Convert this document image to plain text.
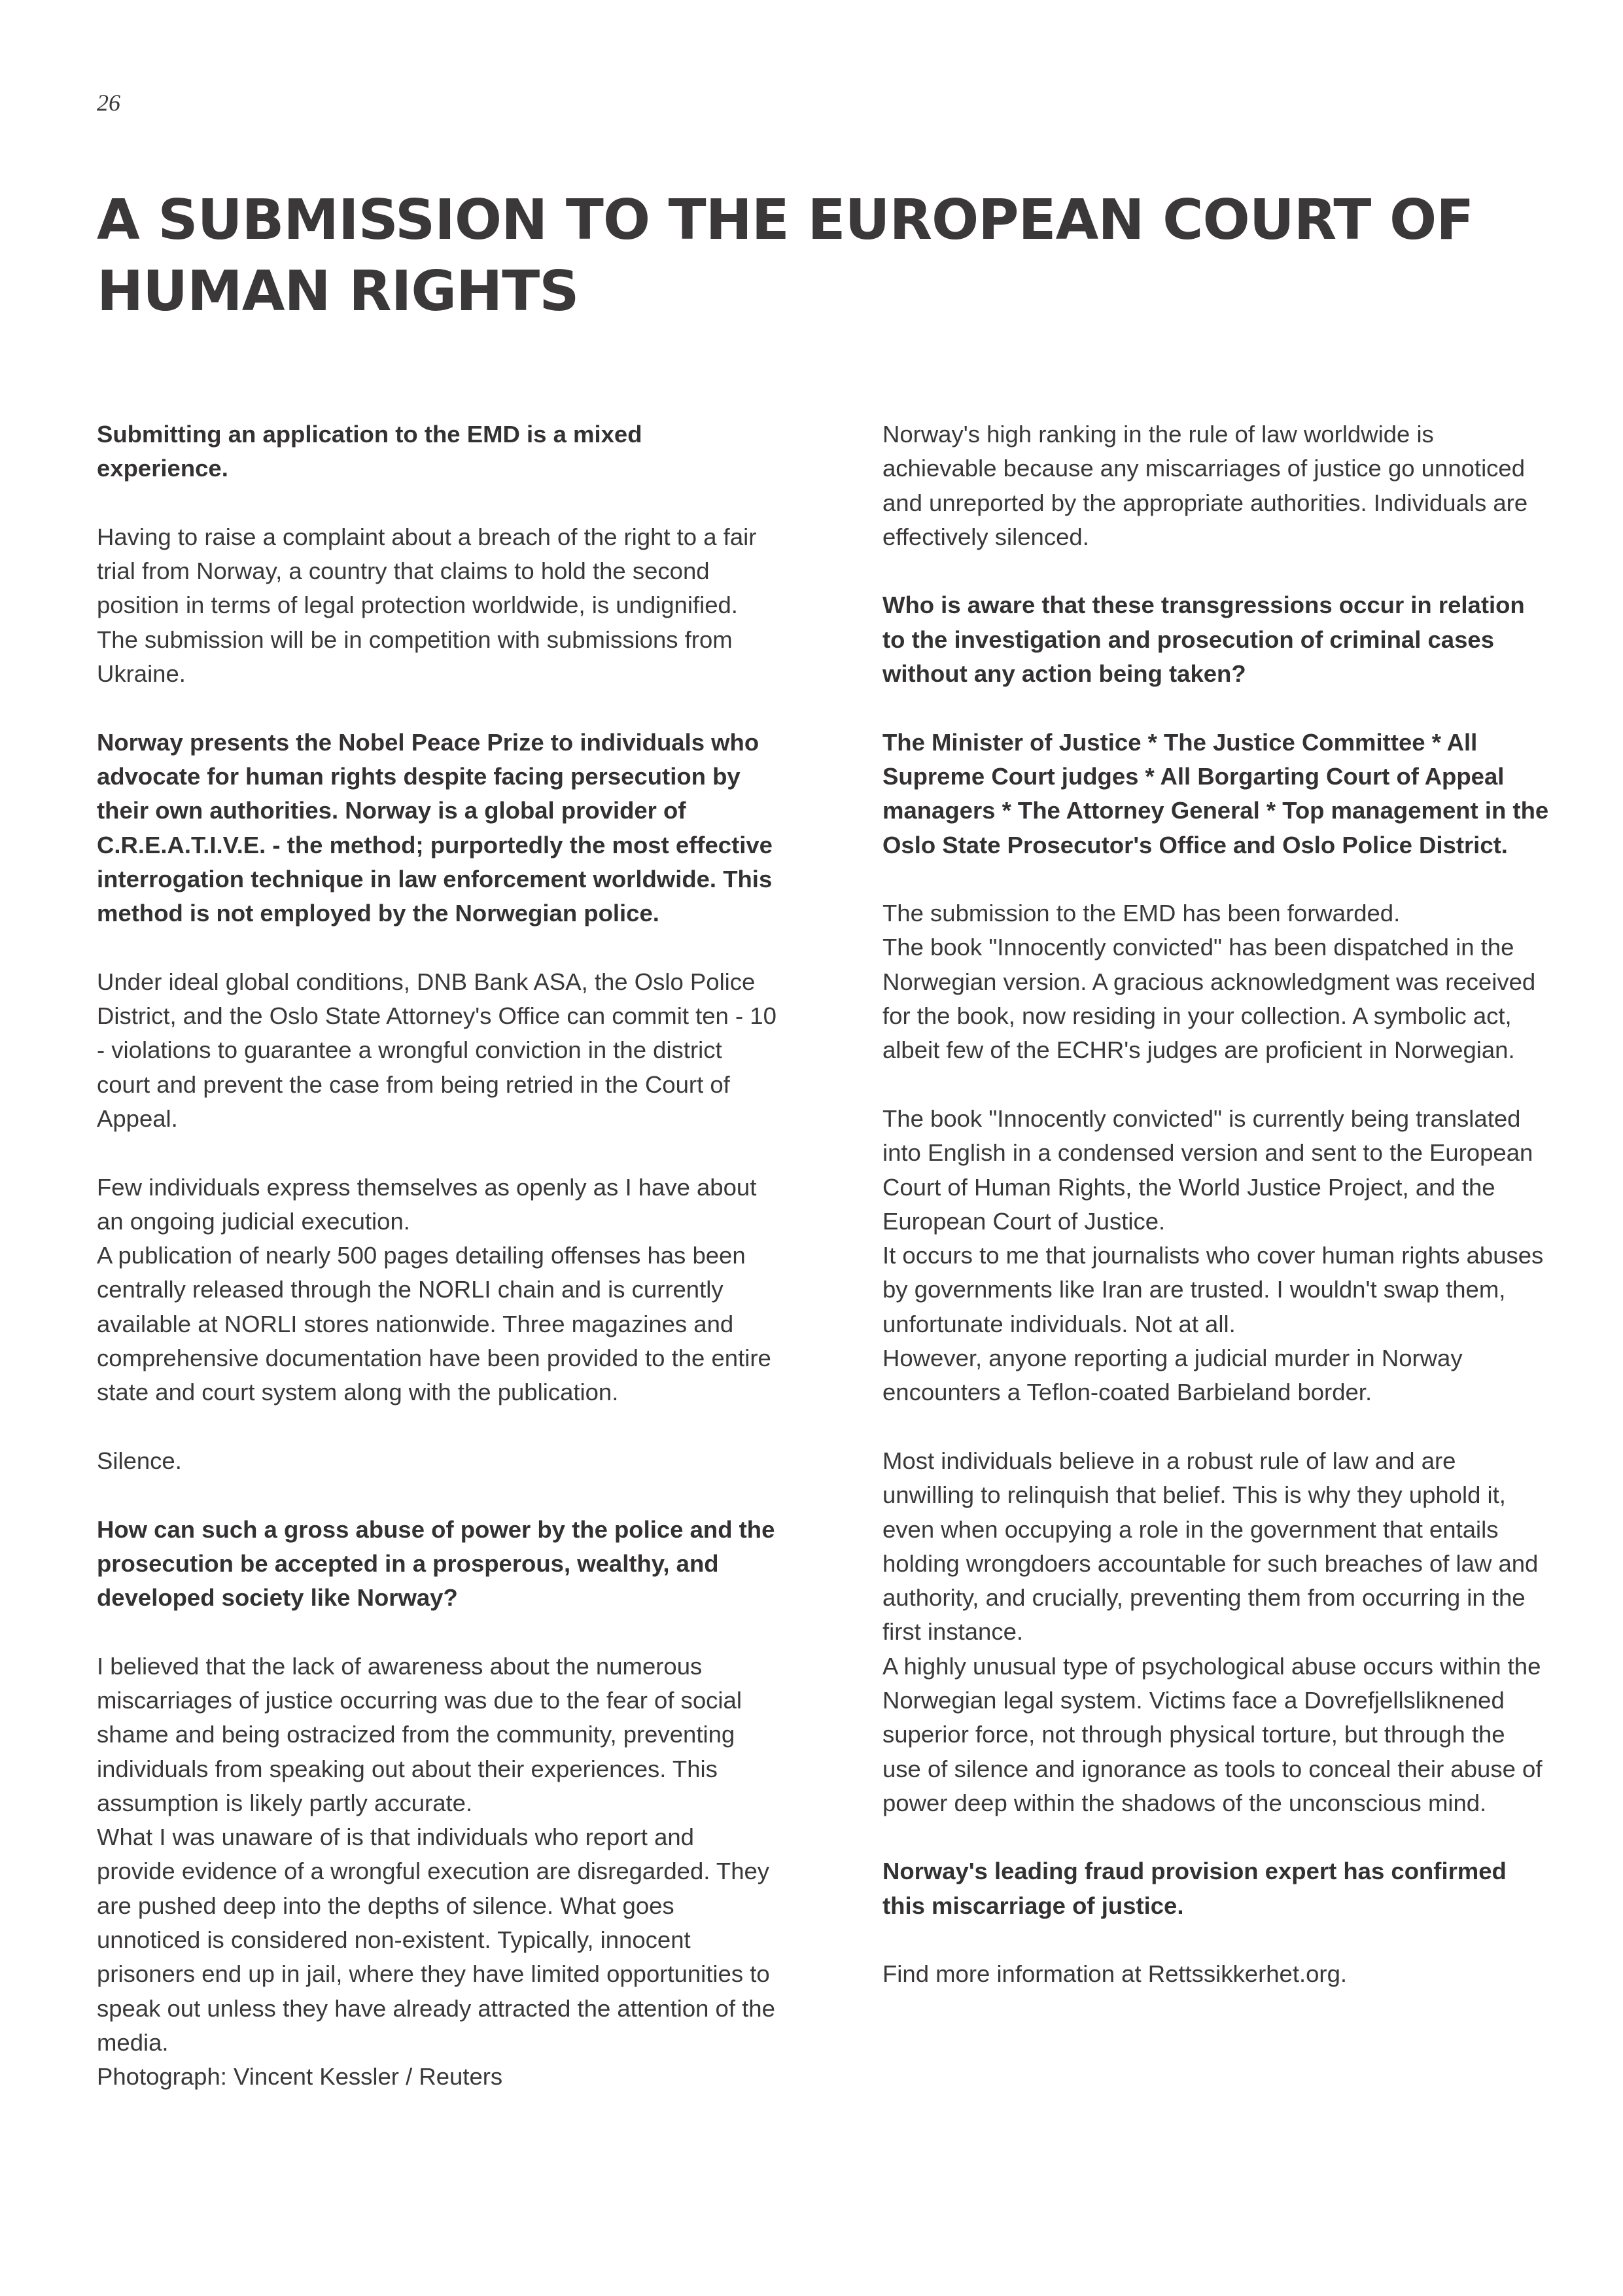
26
A SUBMISSION TO THE EUROPEAN COURT OF HUMAN RIGHTS

Submitting an application to the EMD is a mixed experience.

Having to raise a complaint about a breach of the right to a fair trial from Norway, a country that claims to hold the second position in terms of legal protection worldwide, is undignified. The submission will be in competition with submissions from Ukraine.

Norway presents the Nobel Peace Prize to individuals who advocate for human rights despite facing persecution by their own authorities. Norway is a global provider of C.R.E.A.T.I.V.E. - the method; purportedly the most effective interrogation technique in law enforcement worldwide. This method is not employed by the Norwegian police.

Under ideal global conditions, DNB Bank ASA, the Oslo Police District, and the Oslo State Attorney's Office can commit ten - 10 - violations to guarantee a wrongful conviction in the district court and prevent the case from being retried in the Court of Appeal.

Few individuals express themselves as openly as I have about an ongoing judicial execution.

A publication of nearly 500 pages detailing offenses has been centrally released through the NORLI chain and is currently available at NORLI stores nationwide. Three magazines and comprehensive documentation have been provided to the entire state and court system along with the publication.

Silence.

How can such a gross abuse of power by the police and the prosecution be accepted in a prosperous, wealthy, and developed society like Norway?

I believed that the lack of awareness about the numerous miscarriages of justice occurring was due to the fear of social shame and being ostracized from the community, preventing individuals from speaking out about their experiences. This assumption is likely partly accurate.

What I was unaware of is that individuals who report and provide evidence of a wrongful execution are disregarded. They are pushed deep into the depths of silence. What goes unnoticed is considered non-existent. Typically, innocent prisoners end up in jail, where they have limited opportunities to speak out unless they have already attracted the attention of the media.

Photograph: Vincent Kessler / Reuters

Norway's high ranking in the rule of law worldwide is achievable because any miscarriages of justice go unnoticed and unreported by the appropriate authorities. Individuals are effectively silenced.

Who is aware that these transgressions occur in relation to the investigation and prosecution of criminal cases without any action being taken?

The Minister of Justice * The Justice Committee * All Supreme Court judges * All Borgarting Court of Appeal managers * The Attorney General * Top management in the Oslo State Prosecutor's Office and Oslo Police District.

The submission to the EMD has been forwarded.

The book "Innocently convicted" has been dispatched in the Norwegian version. A gracious acknowledgment was received for the book, now residing in your collection. A symbolic act, albeit few of the ECHR's judges are proficient in Norwegian.

The book "Innocently convicted" is currently being translated into English in a condensed version and sent to the European Court of Human Rights, the World Justice Project, and the European Court of Justice.

It occurs to me that journalists who cover human rights abuses by governments like Iran are trusted. I wouldn't swap them, unfortunate individuals. Not at all.

However, anyone reporting a judicial murder in Norway encounters a Teflon-coated Barbieland border.

Most individuals believe in a robust rule of law and are unwilling to relinquish that belief. This is why they uphold it, even when occupying a role in the government that entails holding wrongdoers accountable for such breaches of law and authority, and crucially, preventing them from occurring in the first instance.

A highly unusual type of psychological abuse occurs within the Norwegian legal system. Victims face a Dovrefjellsliknened superior force, not through physical torture, but through the use of silence and ignorance as tools to conceal their abuse of power deep within the shadows of the unconscious mind.

Norway's leading fraud provision expert has confirmed this miscarriage of justice.

Find more information at Rettssikkerhet.org.
